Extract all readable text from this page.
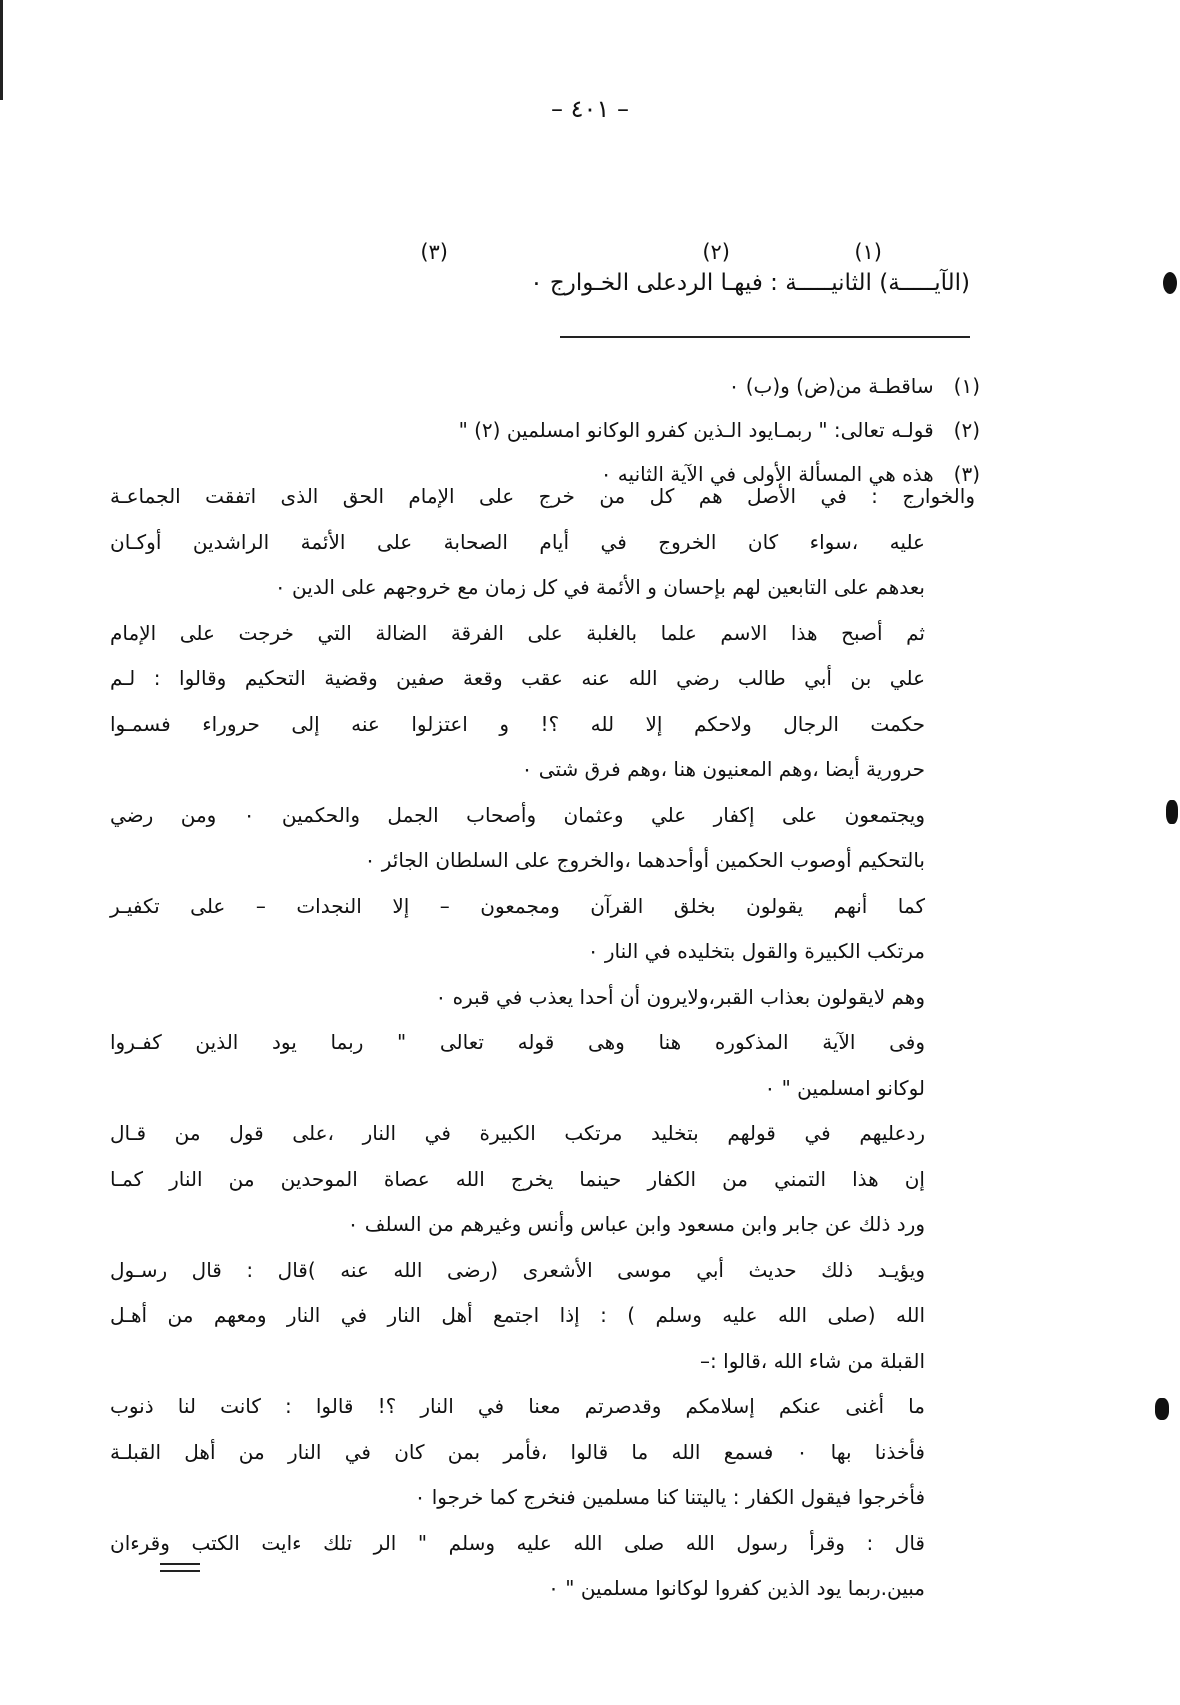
– ٤٠١ –
(١)
(٢)
(٣)
(الآيـــــة) الثانيـــــة : فيهـا الردعلى الخـوارج ٠
(١) ساقطـة من(ض) و(ب) ٠
(٢) قولـه تعالى: " ربمـايود الـذين كفرو الوكانو امسلمين (٢) "
(٣) هذه هي المسألة الأولى في الآية الثانيه ٠
والخوارج : في الأصل هم كل من خرج على الإمام الحق الذى اتفقت الجماعـة
عليه ،سواء كان الخروج في أيام الصحابة على الأئمة الراشدين أوكـان
بعدهم على التابعين لهم بإحسان و الأئمة في كل زمان مع خروجهم على الدين ٠
ثم أصبح هذا الاسم علما بالغلبة على الفرقة الضالة التي خرجت على الإمام
علي بن أبي طالب رضي الله عنه عقب وقعة صفين وقضية التحكيم وقالوا : لـم
حكمت الرجال ولاحكم إلا لله ؟! و اعتزلوا عنه إلى حروراء فسمـوا
حرورية أيضا ،وهم المعنيون هنا ،وهم فرق شتى ٠
ويجتمعون على إكفار علي وعثمان وأصحاب الجمل والحكمين ٠ ومن رضي
بالتحكيم أوصوب الحكمين أوأحدهما ،والخروج على السلطان الجائر ٠
كما أنهم يقولون بخلق القرآن ومجمعون – إلا النجدات – على تكفيـر
مرتكب الكبيرة والقول بتخليده في النار ٠
وهم لايقولون بعذاب القبر،ولايرون أن أحدا يعذب في قبره ٠
وفى الآية المذكوره هنا وهى قوله تعالى " ربما يود الذين كفـروا
لوكانو امسلمين " ٠
ردعليهم في قولهم بتخليد مرتكب الكبيرة في النار ،على قول من قـال
إن هذا التمني من الكفار حينما يخرج الله عصاة الموحدين من النار كمـا
ورد ذلك عن جابر وابن مسعود وابن عباس وأنس وغيرهم من السلف ٠
ويؤيـد ذلك حديث أبي موسى الأشعرى (رضى الله عنه )قال : قال رسـول
الله (صلى الله عليه وسلم ) : إذا اجتمع أهل النار في النار ومعهم من أهـل
القبلة من شاء الله ،قالوا :–
ما أغنى عنكم إسلامكم وقدصرتم معنا في النار ؟! قالوا : كانت لنا ذنوب
فأخذنا بها ٠ فسمع الله ما قالوا ،فأمر بمن كان في النار من أهل القبلـة
فأخرجوا فيقول الكفار : ياليتنا كنا مسلمين فنخرج كما خرجوا ٠
قال : وقرأ رسول الله صلى الله عليه وسلم " الر تلك ءايت الكتب وقرءان
مبين.ربما يود الذين كفروا لوكانوا مسلمين " ٠
